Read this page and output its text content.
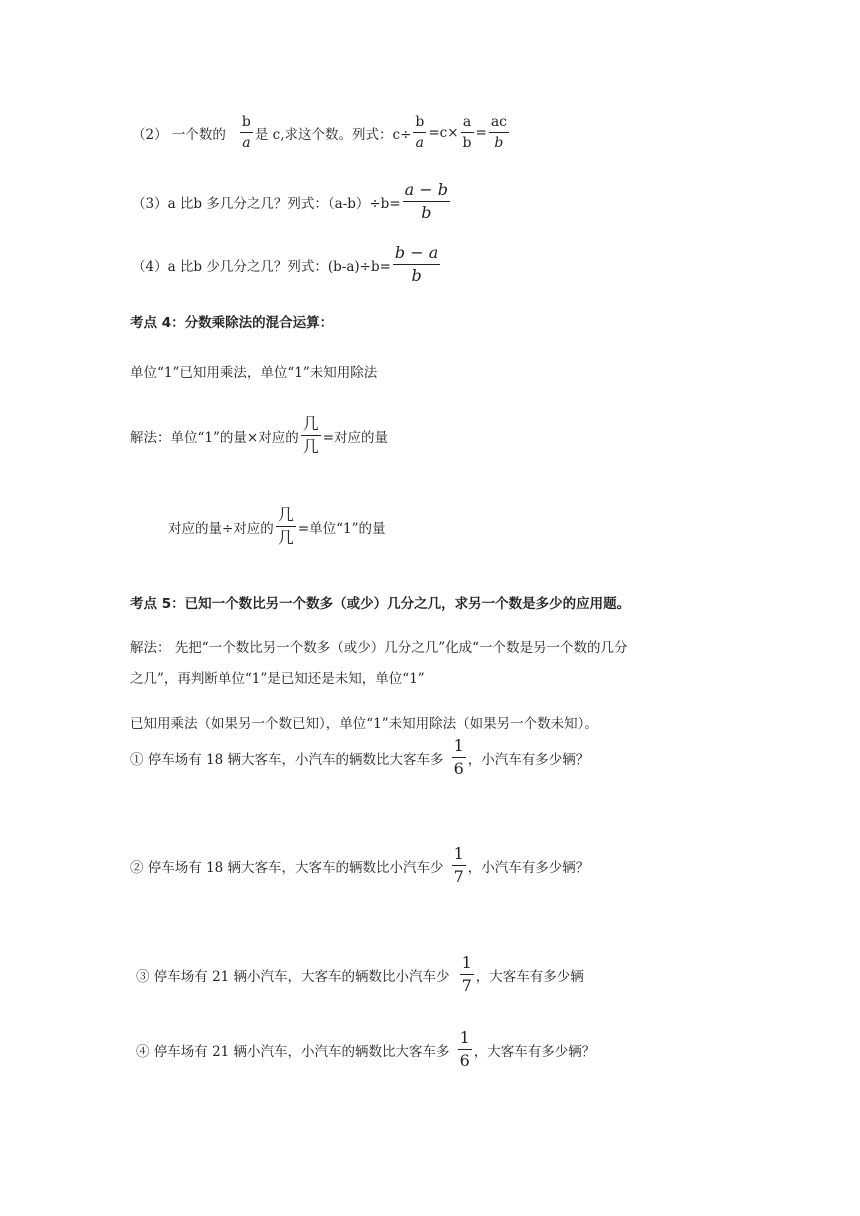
（2） 一个数的 $\frac{b}{a}$ 是 c,求这个数。列式：$c\div \frac{b}{a} =c\times \frac{a}{b} = \frac{ac}{b}$
（3）a 比b 多几分之几？列式：$(a-b)\div b= \frac{a - b}{b}$
（4）a 比b 少几分之几？列式：$(b-a)\div b= \frac{b - a}{b}$
考点 4：分数乘除法的混合运算：
单位“1”已知用乘法，单位“1”未知用除法
解法：单位“1”的量×对应的 $\frac{\text{几}}{\text{几}}$ =对应的量
对应的量÷对应的 $\frac{\text{几}}{\text{几}}$ =单位“1”的量
考点 5：已知一个数比另一个数多（或少）几分之几，求另一个数是多少的应用题。
解法： 先把“一个数比另一个数多（或少）几分之几”化成“一个数是另一个数的几分
之几”，再判断单位“1”是已知还是未知，单位“1”
已知用乘法（如果另一个数已知），单位“1”未知用除法（如果另一个数未知）。
① 停车场有 18 辆大客车，小汽车的辆数比大客车多 $\frac{1}{6}$ ，小汽车有多少辆？
② 停车场有 18 辆大客车，大客车的辆数比小汽车少 $\frac{1}{7}$ ，小汽车有多少辆？
③ 停车场有 21 辆小汽车，大客车的辆数比小汽车少 $\frac{1}{7}$ ，大客车有多少辆
④ 停车场有 21 辆小汽车，小汽车的辆数比大客车多 $\frac{1}{6}$ ，大客车有多少辆？
